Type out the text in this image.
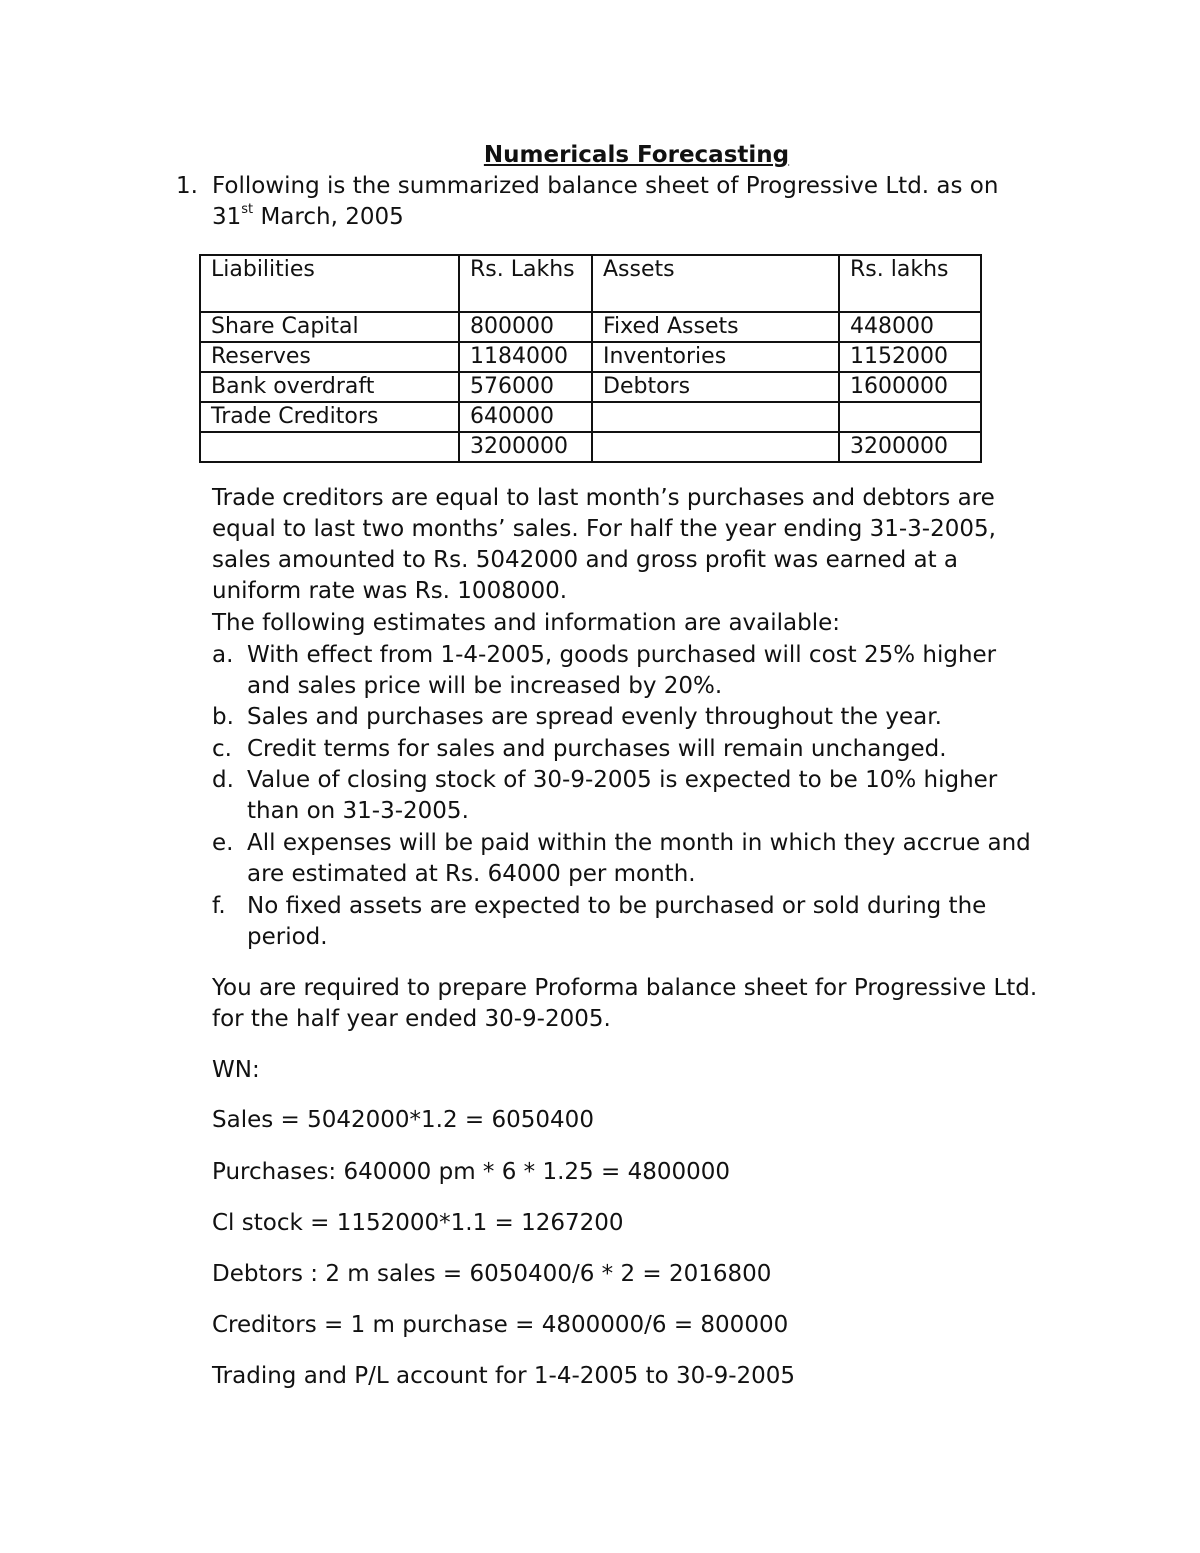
Numericals Forecasting
1. Following is the summarized balance sheet of Progressive Ltd. as on
31st March, 2005
Liabilities	Rs. Lakhs	Assets	Rs. lakhs
Share Capital	800000	Fixed Assets	448000
Reserves	1184000	Inventories	1152000
Bank overdraft	576000	Debtors	1600000
Trade Creditors	640000		
	3200000		3200000
Trade creditors are equal to last month’s purchases and debtors are
equal to last two months’ sales. For half the year ending 31-3-2005,
sales amounted to Rs. 5042000 and gross profit was earned at a
uniform rate was Rs. 1008000.
The following estimates and information are available:
a. With effect from 1-4-2005, goods purchased will cost 25% higher
and sales price will be increased by 20%.
b. Sales and purchases are spread evenly throughout the year.
c. Credit terms for sales and purchases will remain unchanged.
d. Value of closing stock of 30-9-2005 is expected to be 10% higher
than on 31-3-2005.
e. All expenses will be paid within the month in which they accrue and
are estimated at Rs. 64000 per month.
f. No fixed assets are expected to be purchased or sold during the
period.
You are required to prepare Proforma balance sheet for Progressive Ltd.
for the half year ended 30-9-2005.
WN:
Sales = 5042000*1.2 = 6050400
Purchases: 640000 pm * 6 * 1.25 = 4800000
Cl stock = 1152000*1.1 = 1267200
Debtors : 2 m sales = 6050400/6 * 2 = 2016800
Creditors = 1 m purchase = 4800000/6 = 800000
Trading and P/L account for 1-4-2005 to 30-9-2005
